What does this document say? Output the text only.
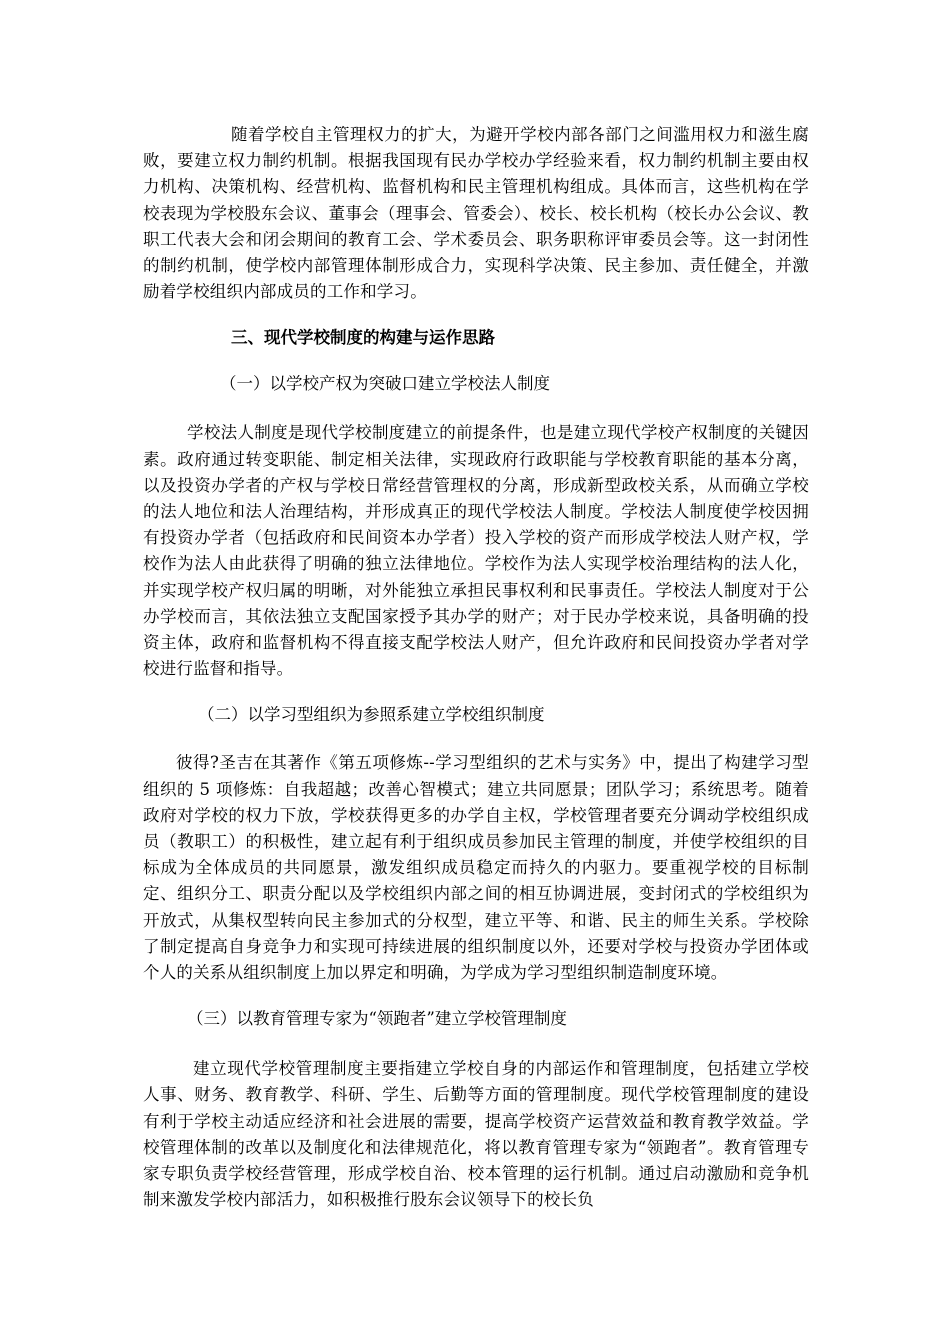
随着学校自主管理权力的扩大，为避开学校内部各部门之间滥用权力和滋生腐败，要建立权力制约机制。根据我国现有民办学校办学经验来看，权力制约机制主要由权力机构、决策机构、经营机构、监督机构和民主管理机构组成。具体而言，这些机构在学校表现为学校股东会议、董事会（理事会、管委会）、校长、校长机构（校长办公会议、教职工代表大会和闭会期间的教育工会、学术委员会、职务职称评审委员会等。这一封闭性的制约机制，使学校内部管理体制形成合力，实现科学决策、民主参加、责任健全，并激励着学校组织内部成员的工作和学习。

三、现代学校制度的构建与运作思路

（一）以学校产权为突破口建立学校法人制度

学校法人制度是现代学校制度建立的前提条件，也是建立现代学校产权制度的关键因素。政府通过转变职能、制定相关法律，实现政府行政职能与学校教育职能的基本分离，以及投资办学者的产权与学校日常经营管理权的分离，形成新型政校关系，从而确立学校的法人地位和法人治理结构，并形成真正的现代学校法人制度。学校法人制度使学校因拥有投资办学者（包括政府和民间资本办学者）投入学校的资产而形成学校法人财产权，学校作为法人由此获得了明确的独立法律地位。学校作为法人实现学校治理结构的法人化，并实现学校产权归属的明晰，对外能独立承担民事权利和民事责任。学校法人制度对于公办学校而言，其依法独立支配国家授予其办学的财产；对于民办学校来说，具备明确的投资主体，政府和监督机构不得直接支配学校法人财产，但允许政府和民间投资办学者对学校进行监督和指导。

（二）以学习型组织为参照系建立学校组织制度

彼得?圣吉在其著作《第五项修炼--学习型组织的艺术与实务》中，提出了构建学习型组织的 5 项修炼：自我超越；改善心智模式；建立共同愿景；团队学习；系统思考。随着政府对学校的权力下放，学校获得更多的办学自主权，学校管理者要充分调动学校组织成员（教职工）的积极性，建立起有利于组织成员参加民主管理的制度，并使学校组织的目标成为全体成员的共同愿景，激发组织成员稳定而持久的内驱力。要重视学校的目标制定、组织分工、职责分配以及学校组织内部之间的相互协调进展，变封闭式的学校组织为开放式，从集权型转向民主参加式的分权型，建立平等、和谐、民主的师生关系。学校除了制定提高自身竞争力和实现可持续进展的组织制度以外，还要对学校与投资办学团体或个人的关系从组织制度上加以界定和明确，为学成为学习型组织制造制度环境。

（三）以教育管理专家为“领跑者”建立学校管理制度

建立现代学校管理制度主要指建立学校自身的内部运作和管理制度，包括建立学校人事、财务、教育教学、科研、学生、后勤等方面的管理制度。现代学校管理制度的建设有利于学校主动适应经济和社会进展的需要，提高学校资产运营效益和教育教学效益。学校管理体制的改革以及制度化和法律规范化，将以教育管理专家为“领跑者”。教育管理专家专职负责学校经营管理，形成学校自治、校本管理的运行机制。通过启动激励和竞争机制来激发学校内部活力，如积极推行股东会议领导下的校长负
